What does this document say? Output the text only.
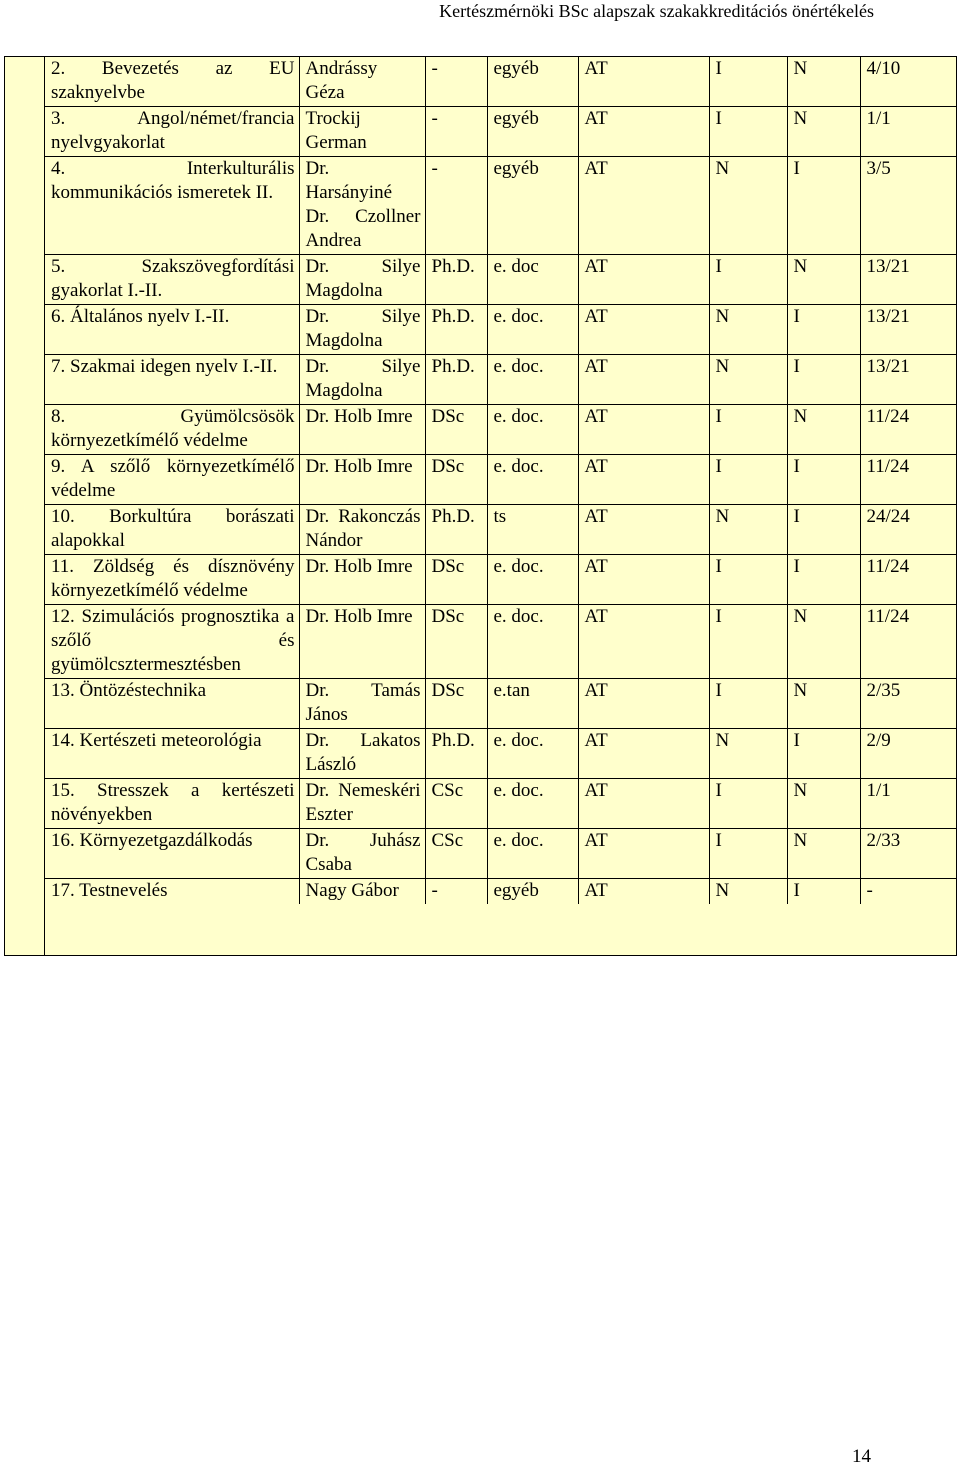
Kertészmérnöki BSc alapszak szakakkreditációs önértékelés
2. Bevezetés az EU szaknyelvbe	Andrássy Géza	-	egyéb	AT	I	N	4/10
3. Angol/német/francia nyelvgyakorlat	Trockij German	-	egyéb	AT	I	N	1/1
4. Interkulturális kommunikációs ismeretek II.	Dr. Harsányiné Dr. Czollner Andrea	-	egyéb	AT	N	I	3/5
5. Szakszövegfordítási gyakorlat I.-II.	Dr. Silye Magdolna	Ph.D.	e. doc	AT	I	N	13/21
6. Általános nyelv I.-II.	Dr. Silye Magdolna	Ph.D.	e. doc.	AT	N	I	13/21
7. Szakmai idegen nyelv I.-II.	Dr. Silye Magdolna	Ph.D.	e. doc.	AT	N	I	13/21
8. Gyümölcsösök környezetkímélő védelme	Dr. Holb Imre	DSc	e. doc.	AT	I	N	11/24
9. A szőlő környezetkímélő védelme	Dr. Holb Imre	DSc	e. doc.	AT	I	I	11/24
10. Borkultúra borászati alapokkal	Dr. Rakonczás Nándor	Ph.D.	ts	AT	N	I	24/24
11. Zöldség és dísznövény környezetkímélő védelme	Dr. Holb Imre	DSc	e. doc.	AT	I	I	11/24
12. Szimulációs prognosztika a szőlő és gyümölcsztermesztésben	Dr. Holb Imre	DSc	e. doc.	AT	I	N	11/24
13. Öntözéstechnika	Dr. Tamás János	DSc	e.tan	AT	I	N	2/35
14. Kertészeti meteorológia	Dr. Lakatos László	Ph.D.	e. doc.	AT	N	I	2/9
15. Stresszek a kertészeti növényekben	Dr. Nemeskéri Eszter	CSc	e. doc.	AT	I	N	1/1
16. Környezetgazdálkodás	Dr. Juhász Csaba	CSc	e. doc.	AT	I	N	2/33
17. Testnevelés	Nagy Gábor	-	egyéb	AT	N	I	-
14
